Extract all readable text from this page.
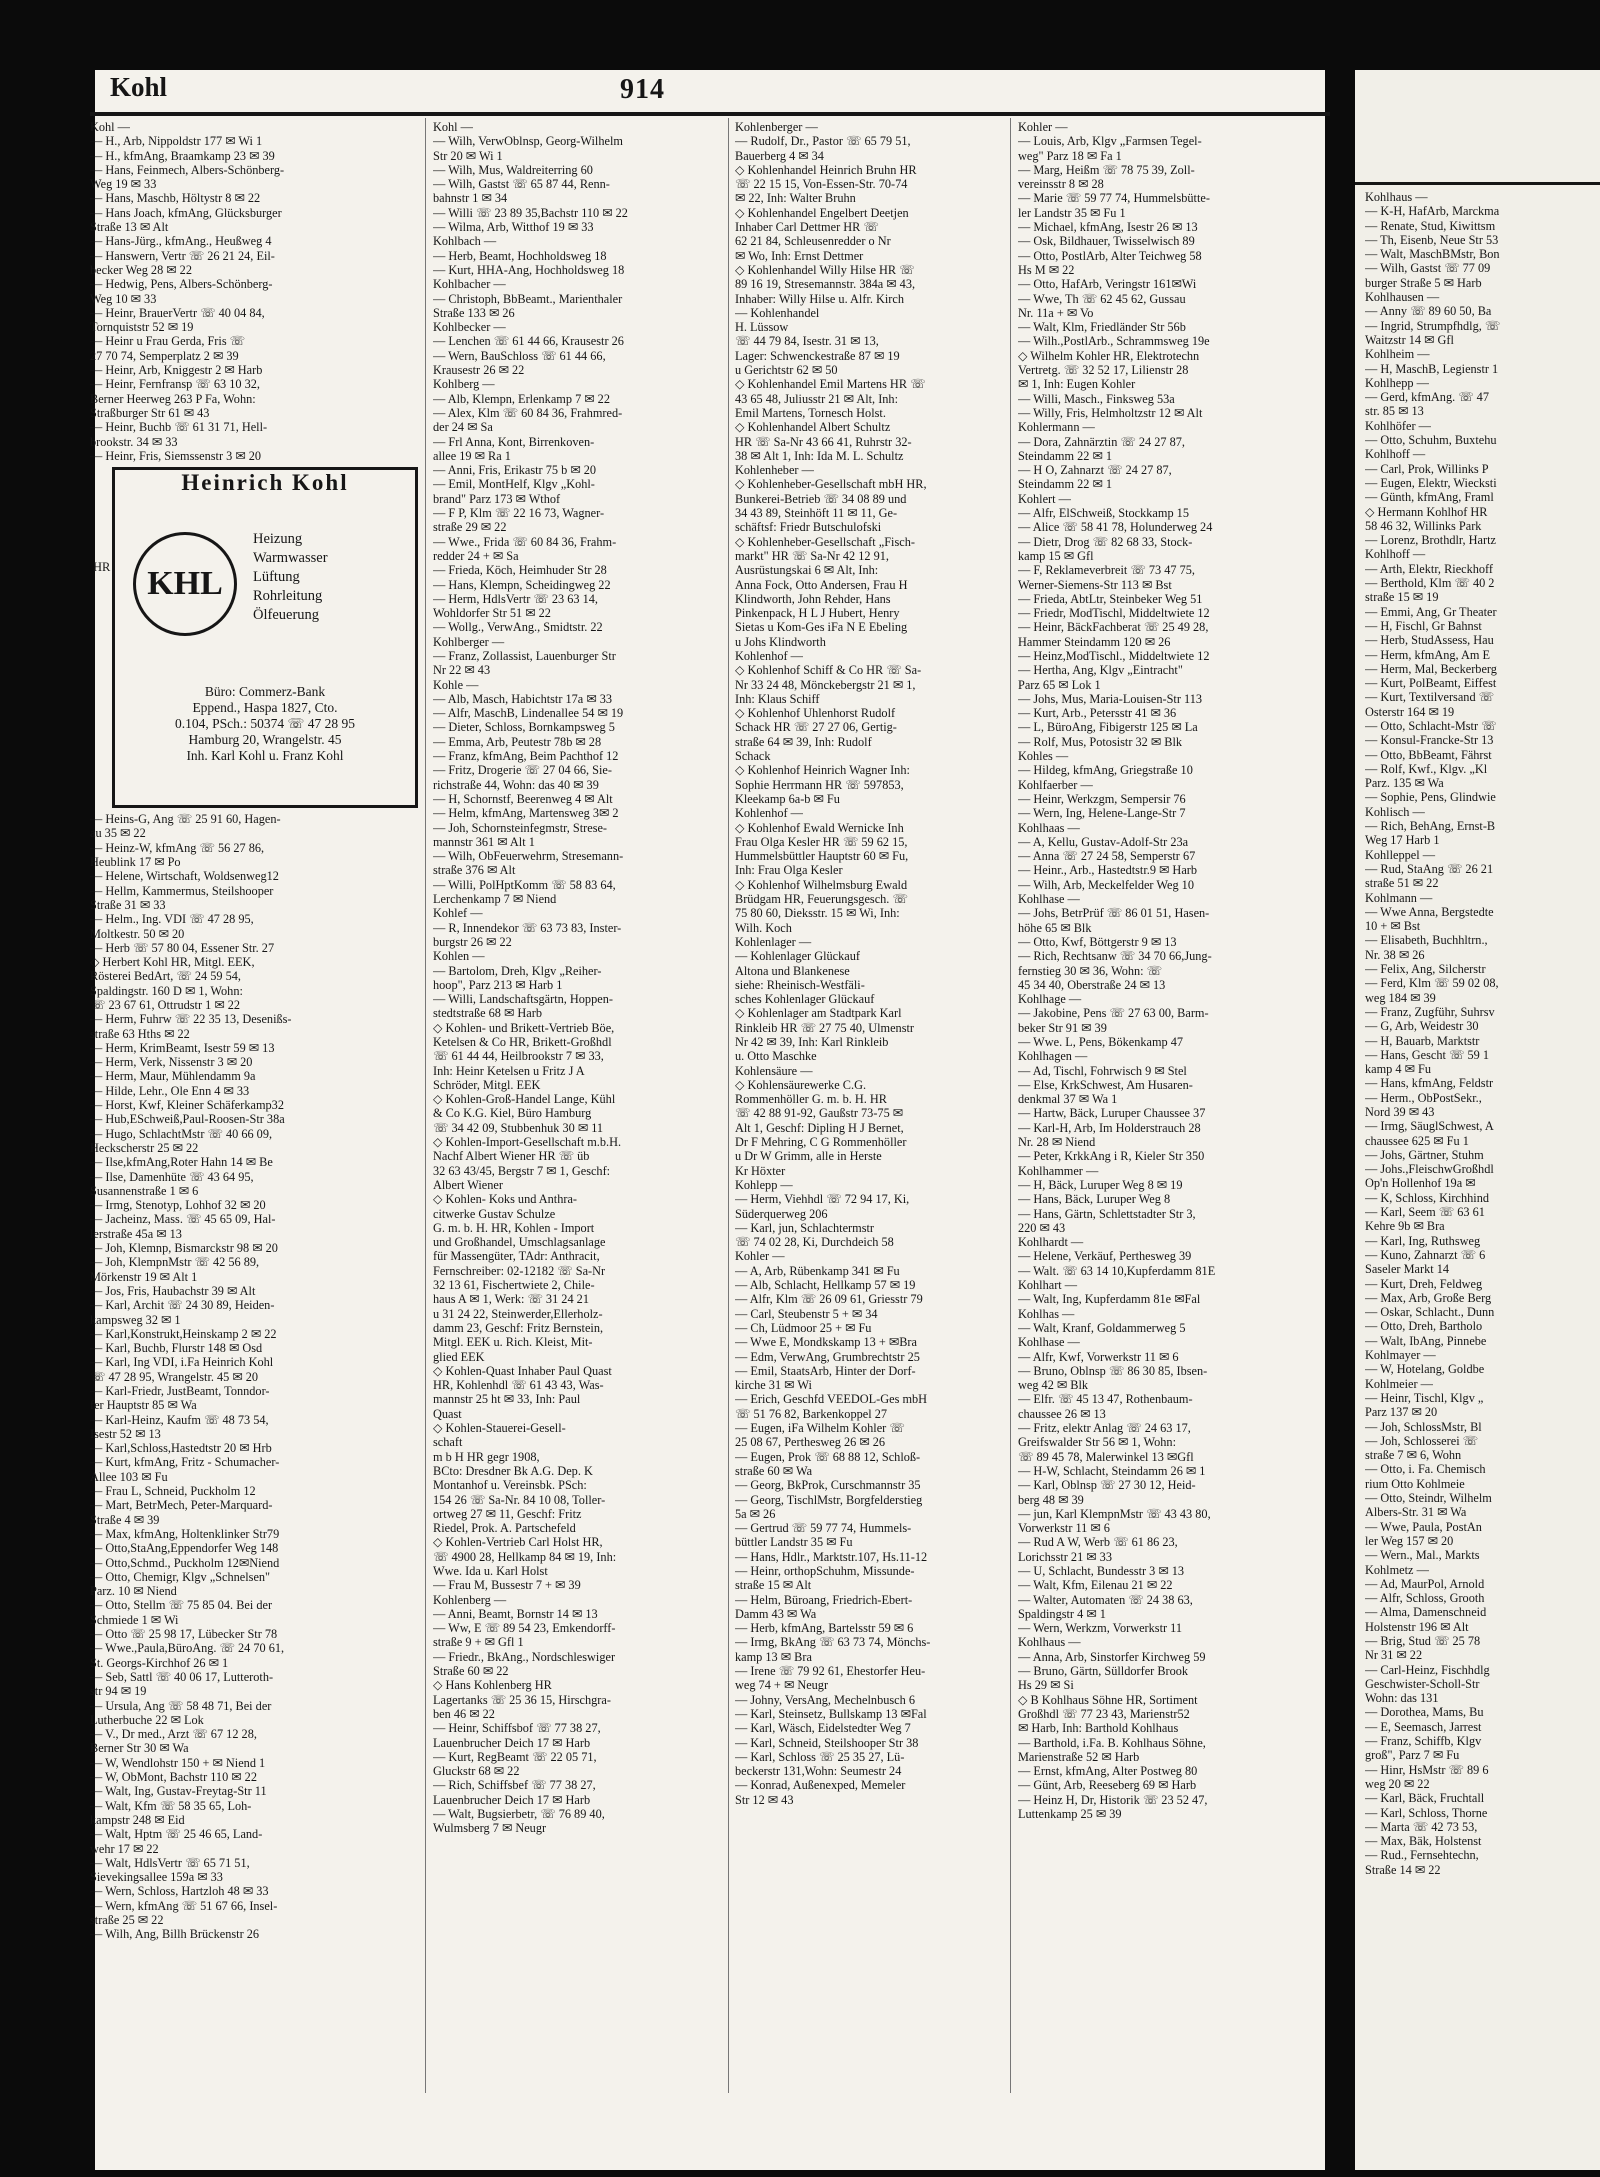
Kohlhaus —
— K-H, HafArb, Marckma
— Renate, Stud, Kiwittsm
— Th, Eisenb, Neue Str 53
— Walt, MaschBMstr, Bon
— Wilh, Gastst ☏ 77 09
burger Straße 5 ✉ Harb
Kohlhausen —
— Anny ☏ 89 60 50, Ba
— Ingrid, Strumpfhdlg, ☏
Waitzstr 14 ✉ Gfl
Kohlheim —
— H, MaschB, Legienstr 1
Kohlhepp —
— Gerd, kfmAng. ☏ 47
str. 85 ✉ 13
Kohlhöfer —
— Otto, Schuhm, Buxtehu
Kohlhoff —
— Carl, Prok, Willinks P
— Eugen, Elektr, Wiecksti
— Günth, kfmAng, Framl
◇ Hermann Kohlhof HR
58 46 32, Willinks Park
— Lorenz, Brothdlr, Hartz
Kohlhoff —
— Arth, Elektr, Rieckhoff
— Berthold, Klm ☏ 40 2
straße 15 ✉ 19
— Emmi, Ang, Gr Theater
— H, Fischl, Gr Bahnst
— Herb, StudAssess, Hau
— Herm, kfmAng, Am E
— Herm, Mal, Beckerberg
— Kurt, PolBeamt, Eiffest
— Kurt, Textilversand ☏
Osterstr 164 ✉ 19
— Otto, Schlacht-Mstr ☏
— Konsul-Francke-Str 13
— Otto, BbBeamt, Fährst
— Rolf, Kwf., Klgv. „Kl
Parz. 135 ✉ Wa
— Sophie, Pens, Glindwie
Kohlisch —
— Rich, BehAng, Ernst-B
Weg 17 Harb 1
Kohlleppel —
— Rud, StaAng ☏ 26 21
straße 51 ✉ 22
Kohlmann —
— Wwe Anna, Bergstedte
10 + ✉ Bst
— Elisabeth, Buchhltrn.,
Nr. 38 ✉ 26
— Felix, Ang, Silcherstr
— Ferd, Klm ☏ 59 02 08,
weg 184 ✉ 39
— Franz, Zugführ, Suhrsv
— G, Arb, Weidestr 30
— H, Bauarb, Marktstr
— Hans, Gescht ☏ 59 1
kamp 4 ✉ Fu
— Hans, kfmAng, Feldstr
— Herm., ObPostSekr.,
Nord 39 ✉ 43
— Irmg, SäuglSchwest, A
chaussee 625 ✉ Fu 1
— Johs, Gärtner, Stuhm
— Johs.,FleischwGroßhdl
Op'n Hollenhof 19a ✉
— K, Schloss, Kirchhind
— Karl, Seem ☏ 63 61
Kehre 9b ✉ Bra
— Karl, Ing, Ruthsweg
— Kuno, Zahnarzt ☏ 6
Saseler Markt 14
— Kurt, Dreh, Feldweg
— Max, Arb, Große Berg
— Oskar, Schlacht., Dunn
— Otto, Dreh, Bartholo
— Walt, IbAng, Pinnebe
Kohlmayer —
— W, Hotelang, Goldbe
Kohlmeier —
— Heinr, Tischl, Klgv „
Parz 137 ✉ 20
— Joh, SchlossMstr, Bl
— Joh, Schlosserei ☏
straße 7 ✉ 6, Wohn
— Otto, i. Fa. Chemisch
rium Otto Kohlmeie
— Otto, Steindr, Wilhelm
Albers-Str. 31 ✉ Wa
— Wwe, Paula, PostAn
ler Weg 157 ✉ 20
— Wern., Mal., Markts
Kohlmetz —
— Ad, MaurPol, Arnold
— Alfr, Schloss, Grooth
— Alma, Damenschneid
Holstenstr 196 ✉ Alt
— Brig, Stud ☏ 25 78
Nr 31 ✉ 22
— Carl-Heinz, Fischhdlg
Geschwister-Scholl-Str
Wohn: das 131
— Dorothea, Mams, Bu
— E, Seemasch, Jarrest
— Franz, Schiffb, Klgv
groß", Parz 7 ✉ Fu
— Hinr, HsMstr ☏ 89 6
weg 20 ✉ 22
— Karl, Bäck, Fruchtall
— Karl, Schloss, Thorne
— Marta ☏ 42 73 53,
— Max, Bäk, Holstenst
— Rud., Fernsehtechn,
Straße 14 ✉ 22
Kohl	914
Kohl —
— H., Arb, Nippoldstr 177 ✉ Wi 1
— H., kfmAng, Braamkamp 23 ✉ 39
— Hans, Feinmech, Albers-Schönberg-
Weg 19 ✉ 33
— Hans, Maschb, Höltystr 8 ✉ 22
— Hans Joach, kfmAng, Glücksburger
Straße 13 ✉ Alt
— Hans-Jürg., kfmAng., Heußweg 4
— Hanswern, Vertr ☏ 26 21 24, Eil-
becker Weg 28 ✉ 22
— Hedwig, Pens, Albers-Schönberg-
Weg 10 ✉ 33
— Heinr, BrauerVertr ☏ 40 04 84,
Tornquiststr 52 ✉ 19
— Heinr u Frau Gerda, Fris ☏
27 70 74, Semperplatz 2 ✉ 39
— Heinr, Arb, Kniggestr 2 ✉ Harb
— Heinr, Fernfransp ☏ 63 10 32,
Berner Heerweg 263 P Fa, Wohn:
Straßburger Str 61 ✉ 43
— Heinr, Buchb ☏ 61 31 71, Hell-
brookstr. 34 ✉ 33
— Heinr, Fris, Siemssenstr 3 ✉ 20
Heinrich Kohl
KHL
Heizung
Warmwasser
Lüftung
Rohrleitung
Ölfeuerung
Büro: Commerz-Bank
Eppend., Haspa 1827, Cto.
0.104, PSch.: 50374 ☏ 47 28 95
Hamburg 20, Wrangelstr. 45
Inh. Karl Kohl u. Franz Kohl
— Heins-G, Ang ☏ 25 91 60, Hagen-
au 35 ✉ 22
— Heinz-W, kfmAng ☏ 56 27 86,
Heublink 17 ✉ Po
— Helene, Wirtschaft, Woldsenweg12
— Hellm, Kammermus, Steilshooper
Straße 31 ✉ 33
— Helm., Ing. VDI ☏ 47 28 95,
Moltkestr. 50 ✉ 20
— Herb ☏ 57 80 04, Essener Str. 27
◇ Herbert Kohl HR, Mitgl. EEK,
Rösterei BedArt, ☏ 24 59 54,
Spaldingstr. 160 D ✉ 1, Wohn:
☏ 23 67 61, Ottrudstr 1 ✉ 22
— Herm, Fuhrw ☏ 22 35 13, Desenißs-
straße 63 Hths ✉ 22
— Herm, KrimBeamt, Isestr 59 ✉ 13
— Herm, Verk, Nissenstr 3 ✉ 20
— Herm, Maur, Mühlendamm 9a
— Hilde, Lehr., Ole Enn 4 ✉ 33
— Horst, Kwf, Kleiner Schäferkamp32
— Hub,ESchweiß,Paul-Roosen-Str 38a
— Hugo, SchlachtMstr ☏ 40 66 09,
Heckscherstr 25 ✉ 22
— Ilse,kfmAng,Roter Hahn 14 ✉ Be
— Ilse, Damenhüte ☏ 43 64 95,
Susannenstraße 1 ✉ 6
— Irmg, Stenotyp, Lohhof 32 ✉ 20
— Jacheinz, Mass. ☏ 45 65 09, Hal-
lerstraße 45a ✉ 13
— Joh, Klemnp, Bismarckstr 98 ✉ 20
— Joh, KlempnMstr ☏ 42 56 89,
Mörkenstr 19 ✉ Alt 1
— Jos, Fris, Haubachstr 39 ✉ Alt
— Karl, Archit ☏ 24 30 89, Heiden-
kampsweg 32 ✉ 1
— Karl,Konstrukt,Heinskamp 2 ✉ 22
— Karl, Buchb, Flurstr 148 ✉ Osd
— Karl, Ing VDI, i.Fa Heinrich Kohl
☏ 47 28 95, Wrangelstr. 45 ✉ 20
— Karl-Friedr, JustBeamt, Tonndor-
fer Hauptstr 85 ✉ Wa
— Karl-Heinz, Kaufm ☏ 48 73 54,
Isestr 52 ✉ 13
— Karl,Schloss,Hastedtstr 20 ✉ Hrb
— Kurt, kfmAng, Fritz - Schumacher-
Allee 103 ✉ Fu
— Frau L, Schneid, Puckholm 12
— Mart, BetrMech, Peter-Marquard-
Straße 4 ✉ 39
— Max, kfmAng, Holtenklinker Str79
— Otto,StaAng,Eppendorfer Weg 148
— Otto,Schmd., Puckholm 12✉Niend
— Otto, Chemigr, Klgv „Schnelsen"
Parz. 10 ✉ Niend
— Otto, Stellm ☏ 75 85 04. Bei der
Schmiede 1 ✉ Wi
— Otto ☏ 25 98 17, Lübecker Str 78
— Wwe.,Paula,BüroAng. ☏ 24 70 61,
St. Georgs-Kirchhof 26 ✉ 1
— Seb, Sattl ☏ 40 06 17, Lutteroth-
str 94 ✉ 19
— Ursula, Ang ☏ 58 48 71, Bei der
Lutherbuche 22 ✉ Lok
— V., Dr med., Arzt ☏ 67 12 28,
Berner Str 30 ✉ Wa
— W, Wendlohstr 150 + ✉ Niend 1
— W, ObMont, Bachstr 110 ✉ 22
— Walt, Ing, Gustav-Freytag-Str 11
— Walt, Kfm ☏ 58 35 65, Loh-
kampstr 248 ✉ Eid
— Walt, Hptm ☏ 25 46 65, Land-
wehr 17 ✉ 22
— Walt, HdlsVertr ☏ 65 71 51,
Sievekingsallee 159a ✉ 33
— Wern, Schloss, Hartzloh 48 ✉ 33
— Wern, kfmAng ☏ 51 67 66, Insel-
straße 25 ✉ 22
— Wilh, Ang, Billh Brückenstr 26
HR
Kohl —
— Wilh, VerwOblnsp, Georg-Wilhelm
Str 20 ✉ Wi 1
— Wilh, Mus, Waldreiterring 60
— Wilh, Gastst ☏ 65 87 44, Renn-
bahnstr 1 ✉ 34
— Willi ☏ 23 89 35,Bachstr 110 ✉ 22
— Wilma, Arb, Witthof 19 ✉ 33
Kohlbach —
— Herb, Beamt, Hochholdsweg 18
— Kurt, HHA-Ang, Hochholdsweg 18
Kohlbacher —
— Christoph, BbBeamt., Marienthaler
Straße 133 ✉ 26
Kohlbecker —
— Lenchen ☏ 61 44 66, Krausestr 26
— Wern, BauSchloss ☏ 61 44 66,
Krausestr 26 ✉ 22
Kohlberg —
— Alb, Klempn, Erlenkamp 7 ✉ 22
— Alex, Klm ☏ 60 84 36, Frahmred-
der 24 ✉ Sa
— Frl Anna, Kont, Birrenkoven-
allee 19 ✉ Ra 1
— Anni, Fris, Erikastr 75 b ✉ 20
— Emil, MontHelf, Klgv „Kohl-
brand" Parz 173 ✉ Wthof
— F P, Klm ☏ 22 16 73, Wagner-
straße 29 ✉ 22
— Wwe., Frida ☏ 60 84 36, Frahm-
redder 24 + ✉ Sa
— Frieda, Köch, Heimhuder Str 28
— Hans, Klempn, Scheidingweg 22
— Herm, HdlsVertr ☏ 23 63 14,
Wohldorfer Str 51 ✉ 22
— Wollg., VerwAng., Smidtstr. 22
Kohlberger —
— Franz, Zollassist, Lauenburger Str
Nr 22 ✉ 43
Kohle —
— Alb, Masch, Habichtstr 17a ✉ 33
— Alfr, MaschB, Lindenallee 54 ✉ 19
— Dieter, Schloss, Bornkampsweg 5
— Emma, Arb, Peutestr 78b ✉ 28
— Franz, kfmAng, Beim Pachthof 12
— Fritz, Drogerie ☏ 27 04 66, Sie-
richstraße 44, Wohn: das 40 ✉ 39
— H, Schornstf, Beerenweg 4 ✉ Alt
— Helm, kfmAng, Martensweg 3✉ 2
— Joh, Schornsteinfegmstr, Strese-
mannstr 361 ✉ Alt 1
— Wilh, ObFeuerwehrm, Stresemann-
straße 376 ✉ Alt
— Willi, PolHptKomm ☏ 58 83 64,
Lerchenkamp 7 ✉ Niend
Kohlef —
— R, Innendekor ☏ 63 73 83, Inster-
burgstr 26 ✉ 22
Kohlen —
— Bartolom, Dreh, Klgv „Reiher-
hoop", Parz 213 ✉ Harb 1
— Willi, Landschaftsgärtn, Hoppen-
stedtstraße 68 ✉ Harb
◇ Kohlen- und Brikett-Vertrieb Böe,
Ketelsen & Co HR, Brikett-Großhdl
☏ 61 44 44, Heilbrookstr 7 ✉ 33,
Inh: Heinr Ketelsen u Fritz J A
Schröder, Mitgl. EEK
◇ Kohlen-Groß-Handel Lange, Kühl
& Co K.G. Kiel, Büro Hamburg
☏ 34 42 09, Stubbenhuk 30 ✉ 11
◇ Kohlen-Import-Gesellschaft m.b.H.
Nachf Albert Wiener HR ☏ üb
32 63 43/45, Bergstr 7 ✉ 1, Geschf:
Albert Wiener
◇ Kohlen- Koks und Anthra-
citwerke Gustav Schulze
G. m. b. H. HR, Kohlen - Import
und Großhandel, Umschlagsanlage
für Massengüter, TAdr: Anthracit,
Fernschreiber: 02-12182 ☏ Sa-Nr
32 13 61, Fischertwiete 2, Chile-
haus A ✉ 1, Werk: ☏ 31 24 21
u 31 24 22, Steinwerder,Ellerholz-
damm 23, Geschf: Fritz Bernstein,
Mitgl. EEK u. Rich. Kleist, Mit-
glied EEK
◇ Kohlen-Quast Inhaber Paul Quast
HR, Kohlenhdl ☏ 61 43 43, Was-
mannstr 25 ht ✉ 33, Inh: Paul
Quast
◇ Kohlen-Stauerei-Gesell-
schaft
m b H HR gegr 1908,
BCto: Dresdner Bk A.G. Dep. K
Montanhof u. Vereinsbk. PSch:
154 26 ☏ Sa-Nr. 84 10 08, Toller-
ortweg 27 ✉ 11, Geschf: Fritz
Riedel, Prok. A. Partschefeld
◇ Kohlen-Vertrieb Carl Holst HR,
☏ 4900 28, Hellkamp 84 ✉ 19, Inh:
Wwe. Ida u. Karl Holst
— Frau M, Bussestr 7 + ✉ 39
Kohlenberg —
— Anni, Beamt, Bornstr 14 ✉ 13
— Ww, E ☏ 89 54 23, Emkendorff-
straße 9 + ✉ Gfl 1
— Friedr., BkAng., Nordschleswiger
Straße 60 ✉ 22
◇ Hans Kohlenberg HR
Lagertanks ☏ 25 36 15, Hirschgra-
ben 46 ✉ 22
— Heinr, Schiffsbof ☏ 77 38 27,
Lauenbrucher Deich 17 ✉ Harb
— Kurt, RegBeamt ☏ 22 05 71,
Gluckstr 68 ✉ 22
— Rich, Schiffsbef ☏ 77 38 27,
Lauenbrucher Deich 17 ✉ Harb
— Walt, Bugsierbetr, ☏ 76 89 40,
Wulmsberg 7 ✉ Neugr
Kohlenberger —
— Rudolf, Dr., Pastor ☏ 65 79 51,
Bauerberg 4 ✉ 34
◇ Kohlenhandel Heinrich Bruhn HR
☏ 22 15 15, Von-Essen-Str. 70-74
✉ 22, Inh: Walter Bruhn
◇ Kohlenhandel Engelbert Deetjen
Inhaber Carl Dettmer HR ☏
62 21 84, Schleusenredder o Nr
✉ Wo, Inh: Ernst Dettmer
◇ Kohlenhandel Willy Hilse HR ☏
89 16 19, Stresemannstr. 384a ✉ 43,
Inhaber: Willy Hilse u. Alfr. Kirch
— Kohlenhandel
H. Lüssow
☏ 44 79 84, Isestr. 31 ✉ 13,
Lager: Schwenckestraße 87 ✉ 19
u Gerichtstr 62 ✉ 50
◇ Kohlenhandel Emil Martens HR ☏
43 65 48, Juliusstr 21 ✉ Alt, Inh:
Emil Martens, Tornesch Holst.
◇ Kohlenhandel Albert Schultz
HR ☏ Sa-Nr 43 66 41, Ruhrstr 32-
38 ✉ Alt 1, Inh: Ida M. L. Schultz
Kohlenheber —
◇ Kohlenheber-Gesellschaft mbH HR,
Bunkerei-Betrieb ☏ 34 08 89 und
34 43 89, Steinhöft 11 ✉ 11, Ge-
schäftsf: Friedr Butschulofski
◇ Kohlenheber-Gesellschaft „Fisch-
markt" HR ☏ Sa-Nr 42 12 91,
Ausrüstungskai 6 ✉ Alt, Inh:
Anna Fock, Otto Andersen, Frau H
Klindworth, John Rehder, Hans
Pinkenpack, H L J Hubert, Henry
Sietas u Kom-Ges iFa N E Ebeling
u Johs Klindworth
Kohlenhof —
◇ Kohlenhof Schiff & Co HR ☏ Sa-
Nr 33 24 48, Mönckebergstr 21 ✉ 1,
Inh: Klaus Schiff
◇ Kohlenhof Uhlenhorst Rudolf
Schack HR ☏ 27 27 06, Gertig-
straße 64 ✉ 39, Inh: Rudolf
Schack
◇ Kohlenhof Heinrich Wagner Inh:
Sophie Herrmann HR ☏ 597853,
Kleekamp 6a-b ✉ Fu
Kohlenhof —
◇ Kohlenhof Ewald Wernicke Inh
Frau Olga Kesler HR ☏ 59 62 15,
Hummelsbüttler Hauptstr 60 ✉ Fu,
Inh: Frau Olga Kesler
◇ Kohlenhof Wilhelmsburg Ewald
Brüdgam HR, Feuerungsgesch. ☏
75 80 60, Dieksstr. 15 ✉ Wi, Inh:
Wilh. Koch
Kohlenlager —
— Kohlenlager Glückauf
Altona und Blankenese
siehe: Rheinisch-Westfäli-
sches Kohlenlager Glückauf
◇ Kohlenlager am Stadtpark Karl
Rinkleib HR ☏ 27 75 40, Ulmenstr
Nr 42 ✉ 39, Inh: Karl Rinkleib
u. Otto Maschke
Kohlensäure —
◇ Kohlensäurewerke C.G.
Rommenhöller G. m. b. H. HR
☏ 42 88 91-92, Gaußstr 73-75 ✉
Alt 1, Geschf: Dipling H J Bernet,
Dr F Mehring, C G Rommenhöller
u Dr W Grimm, alle in Herste
Kr Höxter
Kohlepp —
— Herm, Viehhdl ☏ 72 94 17, Ki,
Süderquerweg 206
— Karl, jun, Schlachtermstr
☏ 74 02 28, Ki, Durchdeich 58
Kohler —
— A, Arb, Rübenkamp 341 ✉ Fu
— Alb, Schlacht, Hellkamp 57 ✉ 19
— Alfr, Klm ☏ 26 09 61, Griesstr 79
— Carl, Steubenstr 5 + ✉ 34
— Ch, Lüdmoor 25 + ✉ Fu
— Wwe E, Mondkskamp 13 + ✉Bra
— Edm, VerwAng, Grumbrechtstr 25
— Emil, StaatsArb, Hinter der Dorf-
kirche 31 ✉ Wi
— Erich, Geschfd VEEDOL-Ges mbH
☏ 51 76 82, Barkenkoppel 27
— Eugen, iFa Wilhelm Kohler ☏
25 08 67, Perthesweg 26 ✉ 26
— Eugen, Prok ☏ 68 88 12, Schloß-
straße 60 ✉ Wa
— Georg, BkProk, Curschmannstr 35
— Georg, TischlMstr, Borgfelderstieg
5a ✉ 26
— Gertrud ☏ 59 77 74, Hummels-
büttler Landstr 35 ✉ Fu
— Hans, Hdlr., Marktstr.107, Hs.11-12
— Heinr, orthopSchuhm, Missunde-
straße 15 ✉ Alt
— Helm, Büroang, Friedrich-Ebert-
Damm 43 ✉ Wa
— Herb, kfmAng, Bartelsstr 59 ✉ 6
— Irmg, BkAng ☏ 63 73 74, Mönchs-
kamp 13 ✉ Bra
— Irene ☏ 79 92 61, Ehestorfer Heu-
weg 74 + ✉ Neugr
— Johny, VersAng, Mechelnbusch 6
— Karl, Steinsetz, Bullskamp 13 ✉Fal
— Karl, Wäsch, Eidelstedter Weg 7
— Karl, Schneid, Steilshooper Str 38
— Karl, Schloss ☏ 25 35 27, Lü-
beckerstr 131,Wohn: Seumestr 24
— Konrad, Außenexped, Memeler
Str 12 ✉ 43
Kohler —
— Louis, Arb, Klgv „Farmsen Tegel-
weg" Parz 18 ✉ Fa 1
— Marg, Heißm ☏ 78 75 39, Zoll-
vereinsstr 8 ✉ 28
— Marie ☏ 59 77 74, Hummelsbütte-
ler Landstr 35 ✉ Fu 1
— Michael, kfmAng, Isestr 26 ✉ 13
— Osk, Bildhauer, Twisselwisch 89
— Otto, PostlArb, Alter Teichweg 58
Hs M ✉ 22
— Otto, HafArb, Veringstr 161✉Wi
— Wwe, Th ☏ 62 45 62, Gussau
Nr. 11a + ✉ Vo
— Walt, Klm, Friedländer Str 56b
— Wilh.,PostlArb., Schrammsweg 19e
◇ Wilhelm Kohler HR, Elektrotechn
Vertretg. ☏ 32 52 17, Lilienstr 28
✉ 1, Inh: Eugen Kohler
— Willi, Masch., Finksweg 53a
— Willy, Fris, Helmholtzstr 12 ✉ Alt
Kohlermann —
— Dora, Zahnärztin ☏ 24 27 87,
Steindamm 22 ✉ 1
— H O, Zahnarzt ☏ 24 27 87,
Steindamm 22 ✉ 1
Kohlert —
— Alfr, ElSchweiß, Stockkamp 15
— Alice ☏ 58 41 78, Holunderweg 24
— Dietr, Drog ☏ 82 68 33, Stock-
kamp 15 ✉ Gfl
— F, Reklameverbreit ☏ 73 47 75,
Werner-Siemens-Str 113 ✉ Bst
— Frieda, AbtLtr, Steinbeker Weg 51
— Friedr, ModTischl, Middeltwiete 12
— Heinr, BäckFachberat ☏ 25 49 28,
Hammer Steindamm 120 ✉ 26
— Heinz,ModTischl., Middeltwiete 12
— Hertha, Ang, Klgv „Eintracht"
Parz 65 ✉ Lok 1
— Johs, Mus, Maria-Louisen-Str 113
— Kurt, Arb., Petersstr 41 ✉ 36
— L, BüroAng, Fibigerstr 125 ✉ La
— Rolf, Mus, Potosistr 32 ✉ Blk
Kohles —
— Hildeg, kfmAng, Griegstraße 10
Kohlfaerber —
— Heinr, Werkzgm, Sempersir 76
— Wern, Ing, Helene-Lange-Str 7
Kohlhaas —
— A, Kellu, Gustav-Adolf-Str 23a
— Anna ☏ 27 24 58, Semperstr 67
— Heinr., Arb., Hastedtstr.9 ✉ Harb
— Wilh, Arb, Meckelfelder Weg 10
Kohlhase —
— Johs, BetrPrüf ☏ 86 01 51, Hasen-
höhe 65 ✉ Blk
— Otto, Kwf, Böttgerstr 9 ✉ 13
— Rich, Rechtsanw ☏ 34 70 66,Jung-
fernstieg 30 ✉ 36, Wohn: ☏
45 34 40, Oberstraße 24 ✉ 13
Kohlhage —
— Jakobine, Pens ☏ 27 63 00, Barm-
beker Str 91 ✉ 39
— Wwe. L, Pens, Bökenkamp 47
Kohlhagen —
— Ad, Tischl, Fohrwisch 9 ✉ Stel
— Else, KrkSchwest, Am Husaren-
denkmal 37 ✉ Wa 1
— Hartw, Bäck, Luruper Chaussee 37
— Karl-H, Arb, Im Holderstrauch 28
Nr. 28 ✉ Niend
— Peter, KrkkAng i R, Kieler Str 350
Kohlhammer —
— H, Bäck, Luruper Weg 8 ✉ 19
— Hans, Bäck, Luruper Weg 8
— Hans, Gärtn, Schlettstadter Str 3,
220 ✉ 43
Kohlhardt —
— Helene, Verkäuf, Perthesweg 39
— Walt. ☏ 63 14 10,Kupferdamm 81E
Kohlhart —
— Walt, Ing, Kupferdamm 81e ✉Fal
Kohlhas —
— Walt, Kranf, Goldammerweg 5
Kohlhase —
— Alfr, Kwf, Vorwerkstr 11 ✉ 6
— Bruno, Oblnsp ☏ 86 30 85, Ibsen-
weg 42 ✉ Blk
— Elfr. ☏ 45 13 47, Rothenbaum-
chaussee 26 ✉ 13
— Fritz, elektr Anlag ☏ 24 63 17,
Greifswalder Str 56 ✉ 1, Wohn:
☏ 89 45 78, Malerwinkel 13 ✉Gfl
— H-W, Schlacht, Steindamm 26 ✉ 1
— Karl, Oblnsp ☏ 27 30 12, Heid-
berg 48 ✉ 39
— jun, Karl KlempnMstr ☏ 43 43 80,
Vorwerkstr 11 ✉ 6
— Rud A W, Werb ☏ 61 86 23,
Lorichsstr 21 ✉ 33
— U, Schlacht, Bundesstr 3 ✉ 13
— Walt, Kfm, Eilenau 21 ✉ 22
— Walter, Automaten ☏ 24 38 63,
Spaldingstr 4 ✉ 1
— Wern, Werkzm, Vorwerkstr 11
Kohlhaus —
— Anna, Arb, Sinstorfer Kirchweg 59
— Bruno, Gärtn, Sülldorfer Brook
Hs 29 ✉ Si
◇ B Kohlhaus Söhne HR, Sortiment
Großhdl ☏ 77 23 43, Marienstr52
✉ Harb, Inh: Barthold Kohlhaus
— Barthold, i.Fa. B. Kohlhaus Söhne,
Marienstraße 52 ✉ Harb
— Ernst, kfmAng, Alter Postweg 80
— Günt, Arb, Reeseberg 69 ✉ Harb
— Heinz H, Dr, Historik ☏ 23 52 47,
Luttenkamp 25 ✉ 39
